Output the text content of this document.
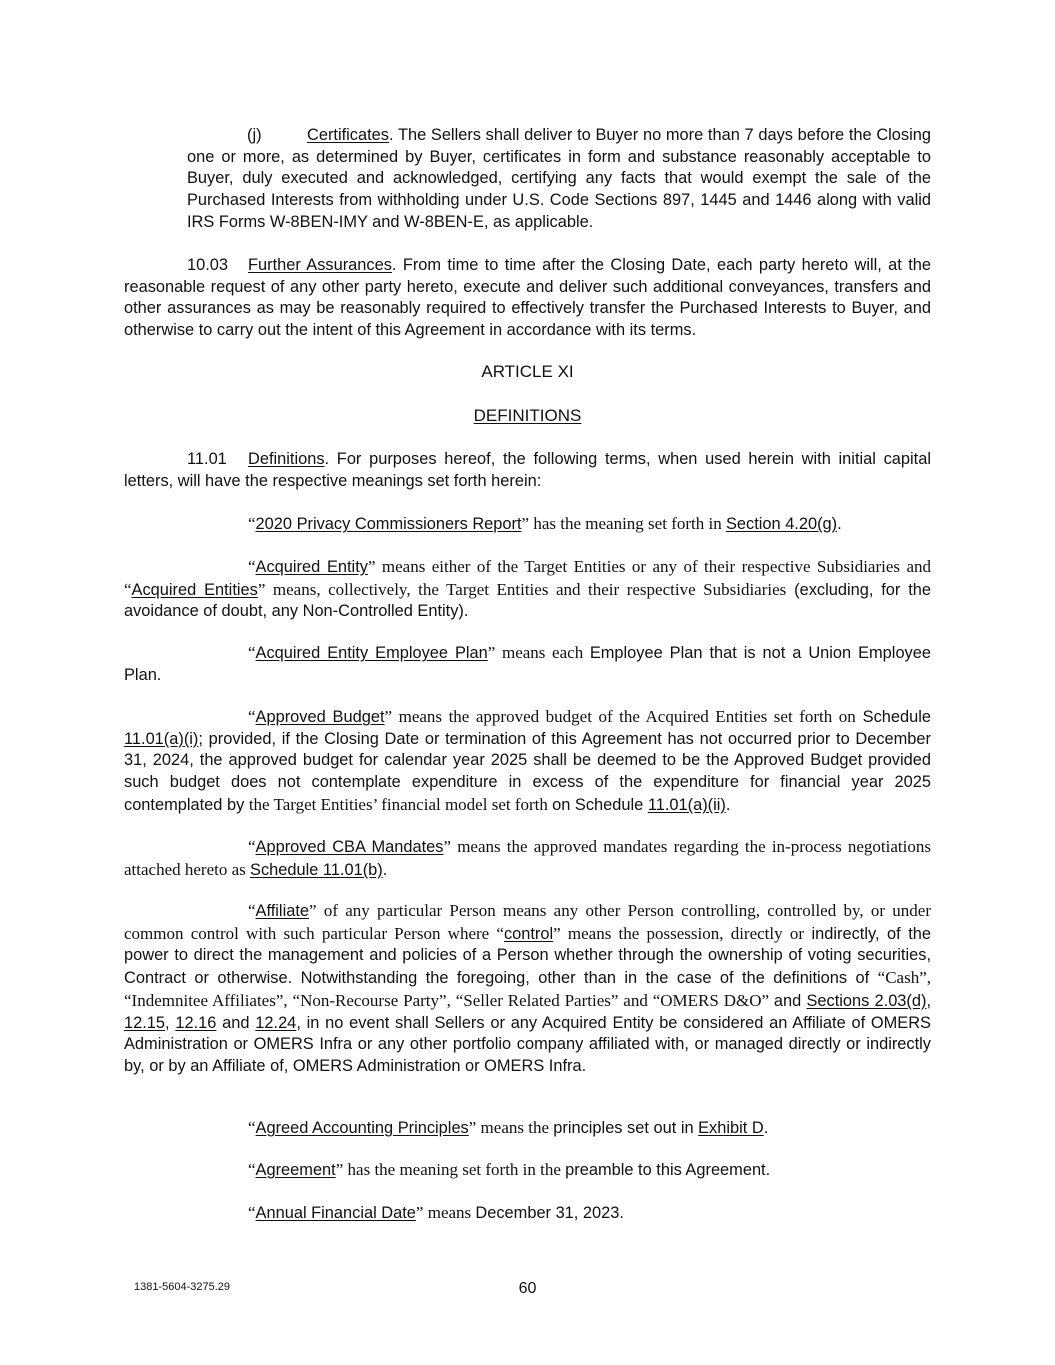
(j)	Certificates. The Sellers shall deliver to Buyer no more than 7 days before the Closing one or more, as determined by Buyer, certificates in form and substance reasonably acceptable to Buyer, duly executed and acknowledged, certifying any facts that would exempt the sale of the Purchased Interests from withholding under U.S. Code Sections 897, 1445 and 1446 along with valid IRS Forms W-8BEN-IMY and W-8BEN-E, as applicable.

10.03 Further Assurances. From time to time after the Closing Date, each party hereto will, at the reasonable request of any other party hereto, execute and deliver such additional conveyances, transfers and other assurances as may be reasonably required to effectively transfer the Purchased Interests to Buyer, and otherwise to carry out the intent of this Agreement in accordance with its terms.

ARTICLE XI
DEFINITIONS

11.01 Definitions. For purposes hereof, the following terms, when used herein with initial capital letters, will have the respective meanings set forth herein:

“2020 Privacy Commissioners Report” has the meaning set forth in Section 4.20(g).

“Acquired Entity” means either of the Target Entities or any of their respective Subsidiaries and “Acquired Entities” means, collectively, the Target Entities and their respective Subsidiaries (excluding, for the avoidance of doubt, any Non-Controlled Entity).

“Acquired Entity Employee Plan” means each Employee Plan that is not a Union Employee Plan.

“Approved Budget” means the approved budget of the Acquired Entities set forth on Schedule 11.01(a)(i); provided, if the Closing Date or termination of this Agreement has not occurred prior to December 31, 2024, the approved budget for calendar year 2025 shall be deemed to be the Approved Budget provided such budget does not contemplate expenditure in excess of the expenditure for financial year 2025 contemplated by the Target Entities’ financial model set forth on Schedule 11.01(a)(ii).

“Approved CBA Mandates” means the approved mandates regarding the in-process negotiations attached hereto as Schedule 11.01(b).

“Affiliate” of any particular Person means any other Person controlling, controlled by, or under common control with such particular Person where “control” means the possession, directly or indirectly, of the power to direct the management and policies of a Person whether through the ownership of voting securities, Contract or otherwise. Notwithstanding the foregoing, other than in the case of the definitions of “Cash”, “Indemnitee Affiliates”, “Non-Recourse Party”, “Seller Related Parties” and “OMERS D&O” and Sections 2.03(d), 12.15, 12.16 and 12.24, in no event shall Sellers or any Acquired Entity be considered an Affiliate of OMERS Administration or OMERS Infra or any other portfolio company affiliated with, or managed directly or indirectly by, or by an Affiliate of, OMERS Administration or OMERS Infra.

“Agreed Accounting Principles” means the principles set out in Exhibit D.

“Agreement” has the meaning set forth in the preamble to this Agreement.

“Annual Financial Date” means December 31, 2023.

1381-5604-3275.29	60
